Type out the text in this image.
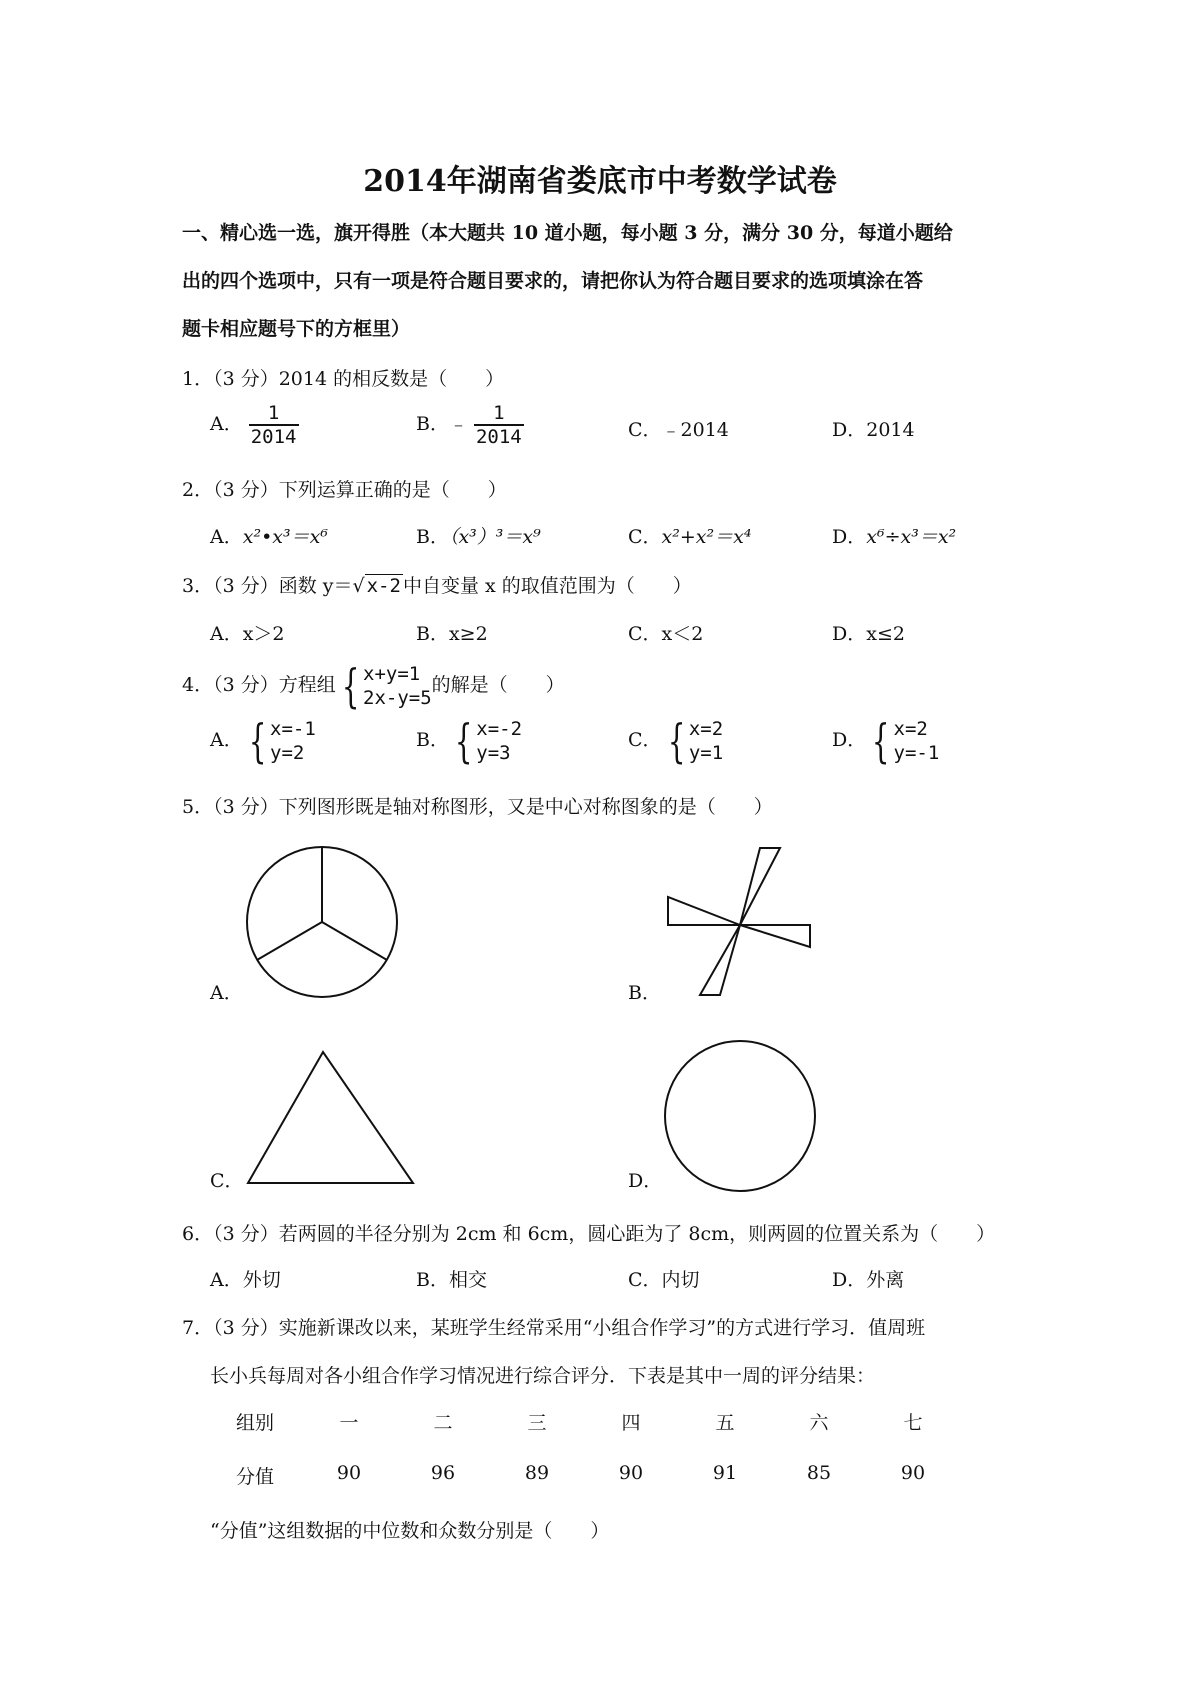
2014年湖南省娄底市中考数学试卷
一、精心选一选，旗开得胜（本大题共 10 道小题，每小题 3 分，满分 30 分，每道小题给
出的四个选项中，只有一项是符合题目要求的，请把你认为符合题目要求的选项填涂在答
题卡相应题号下的方框里）
1．（3 分）2014 的相反数是（　　）
A． $\frac{1}{2014}$	B．﹣ $\frac{1}{2014}$	C．﹣2014	D．2014
2．（3 分）下列运算正确的是（　　）
A．x²•x³＝x⁶	B．（x³）³＝x⁹	C．x²+x²＝x⁴	D．x⁶÷x³＝x²
3．（3 分）函数 y＝√ x-2 中自变量 x 的取值范围为（　　）
A．x＞2	B．x≥2	C．x＜2	D．x≤2
4．（3 分）方程组 { x+y=1
2x-y=5
的解是（　　）
A． { x=-1
y=2
B． { x=-2
y=3
C． { x=2
y=1
D． { x=2
y=-1
5．（3 分）下列图形既是轴对称图形，又是中心对称图象的是（　　）
A．	B．
C．	D．
6．（3 分）若两圆的半径分别为 2cm 和 6cm，圆心距为了 8cm，则两圆的位置关系为（　　）
A．外切	B．相交	C．内切	D．外离
7．（3 分）实施新课改以来，某班学生经常采用“小组合作学习”的方式进行学习．值周班
长小兵每周对各小组合作学习情况进行综合评分．下表是其中一周的评分结果：
组别	一	二	三	四	五	六	七
分值	90	96	89	90	91	85	90
“分值”这组数据的中位数和众数分别是（　　）
